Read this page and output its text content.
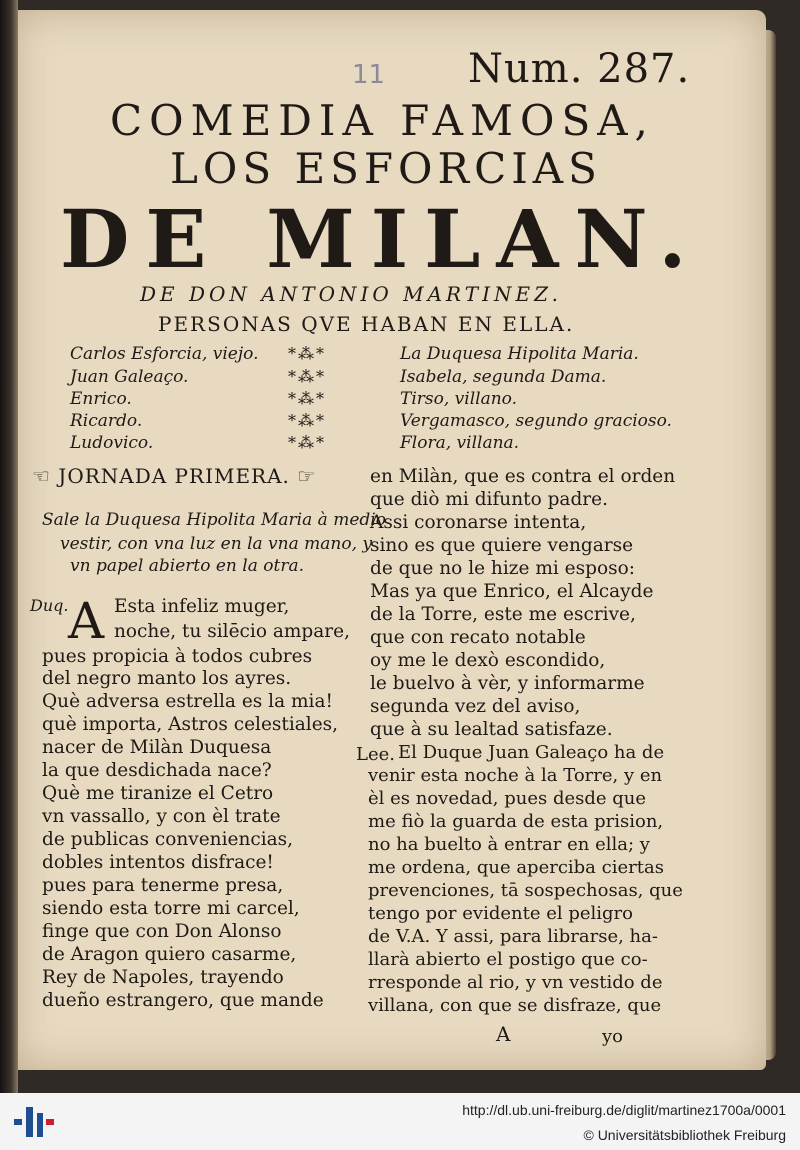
11 Num. 287.
COMEDIA FAMOSA,
LOS ESFORCIAS
DE MILAN.
DE DON ANTONIO MARTINEZ.
PERSONAS QVE HABAN EN ELLA.
Carlos Esforcia, viejo.
Juan Galeaço.
Enrico.
Ricardo.
Ludovico.
*⁂*
*⁂*
*⁂*
*⁂*
*⁂*
La Duquesa Hipolita Maria.
Isabela, segunda Dama.
Tirso, villano.
Vergamasco, segundo gracioso.
Flora, villana.
☜ JORNADA PRIMERA. ☞
Sale la Duquesa Hipolita Maria à medio
vestir, con vna luz en la vna mano, y
vn papel abierto en la otra.
Duq. A Esta infeliz muger,
noche, tu silēcio ampare,
pues propicia à todos cubres
del negro manto los ayres.
Què adversa estrella es la mia!
què importa, Astros celestiales,
nacer de Milàn Duquesa
la que desdichada nace?
Què me tiranize el Cetro
vn vassallo, y con èl trate
de publicas conveniencias,
dobles intentos disfrace!
pues para tenerme presa,
siendo esta torre mi carcel,
finge que con Don Alonso
de Aragon quiero casarme,
Rey de Napoles, trayendo
dueño estrangero, que mande
en Milàn, que es contra el orden
que diò mi difunto padre.
Assi coronarse intenta,
sino es que quiere vengarse
de que no le hize mi esposo:
Mas ya que Enrico, el Alcayde
de la Torre, este me escrive,
que con recato notable
oy me le dexò escondido,
le buelvo à vèr, y informarme
segunda vez del aviso,
que à su lealtad satisfaze.
Lee. El Duque Juan Galeaço ha de
venir esta noche à la Torre, y en
èl es novedad, pues desde que
me fiò la guarda de esta prision,
no ha buelto à entrar en ella; y
me ordena, que aperciba ciertas
prevenciones, tā sospechosas, que
tengo por evidente el peligro
de V.A. Y assi, para librarse, ha-
llarà abierto el postigo que co-
rresponde al rio, y vn vestido de
villana, con que se disfraze, que
A	yo
http://dl.ub.uni-freiburg.de/diglit/martinez1700a/0001
© Universitätsbibliothek Freiburg
